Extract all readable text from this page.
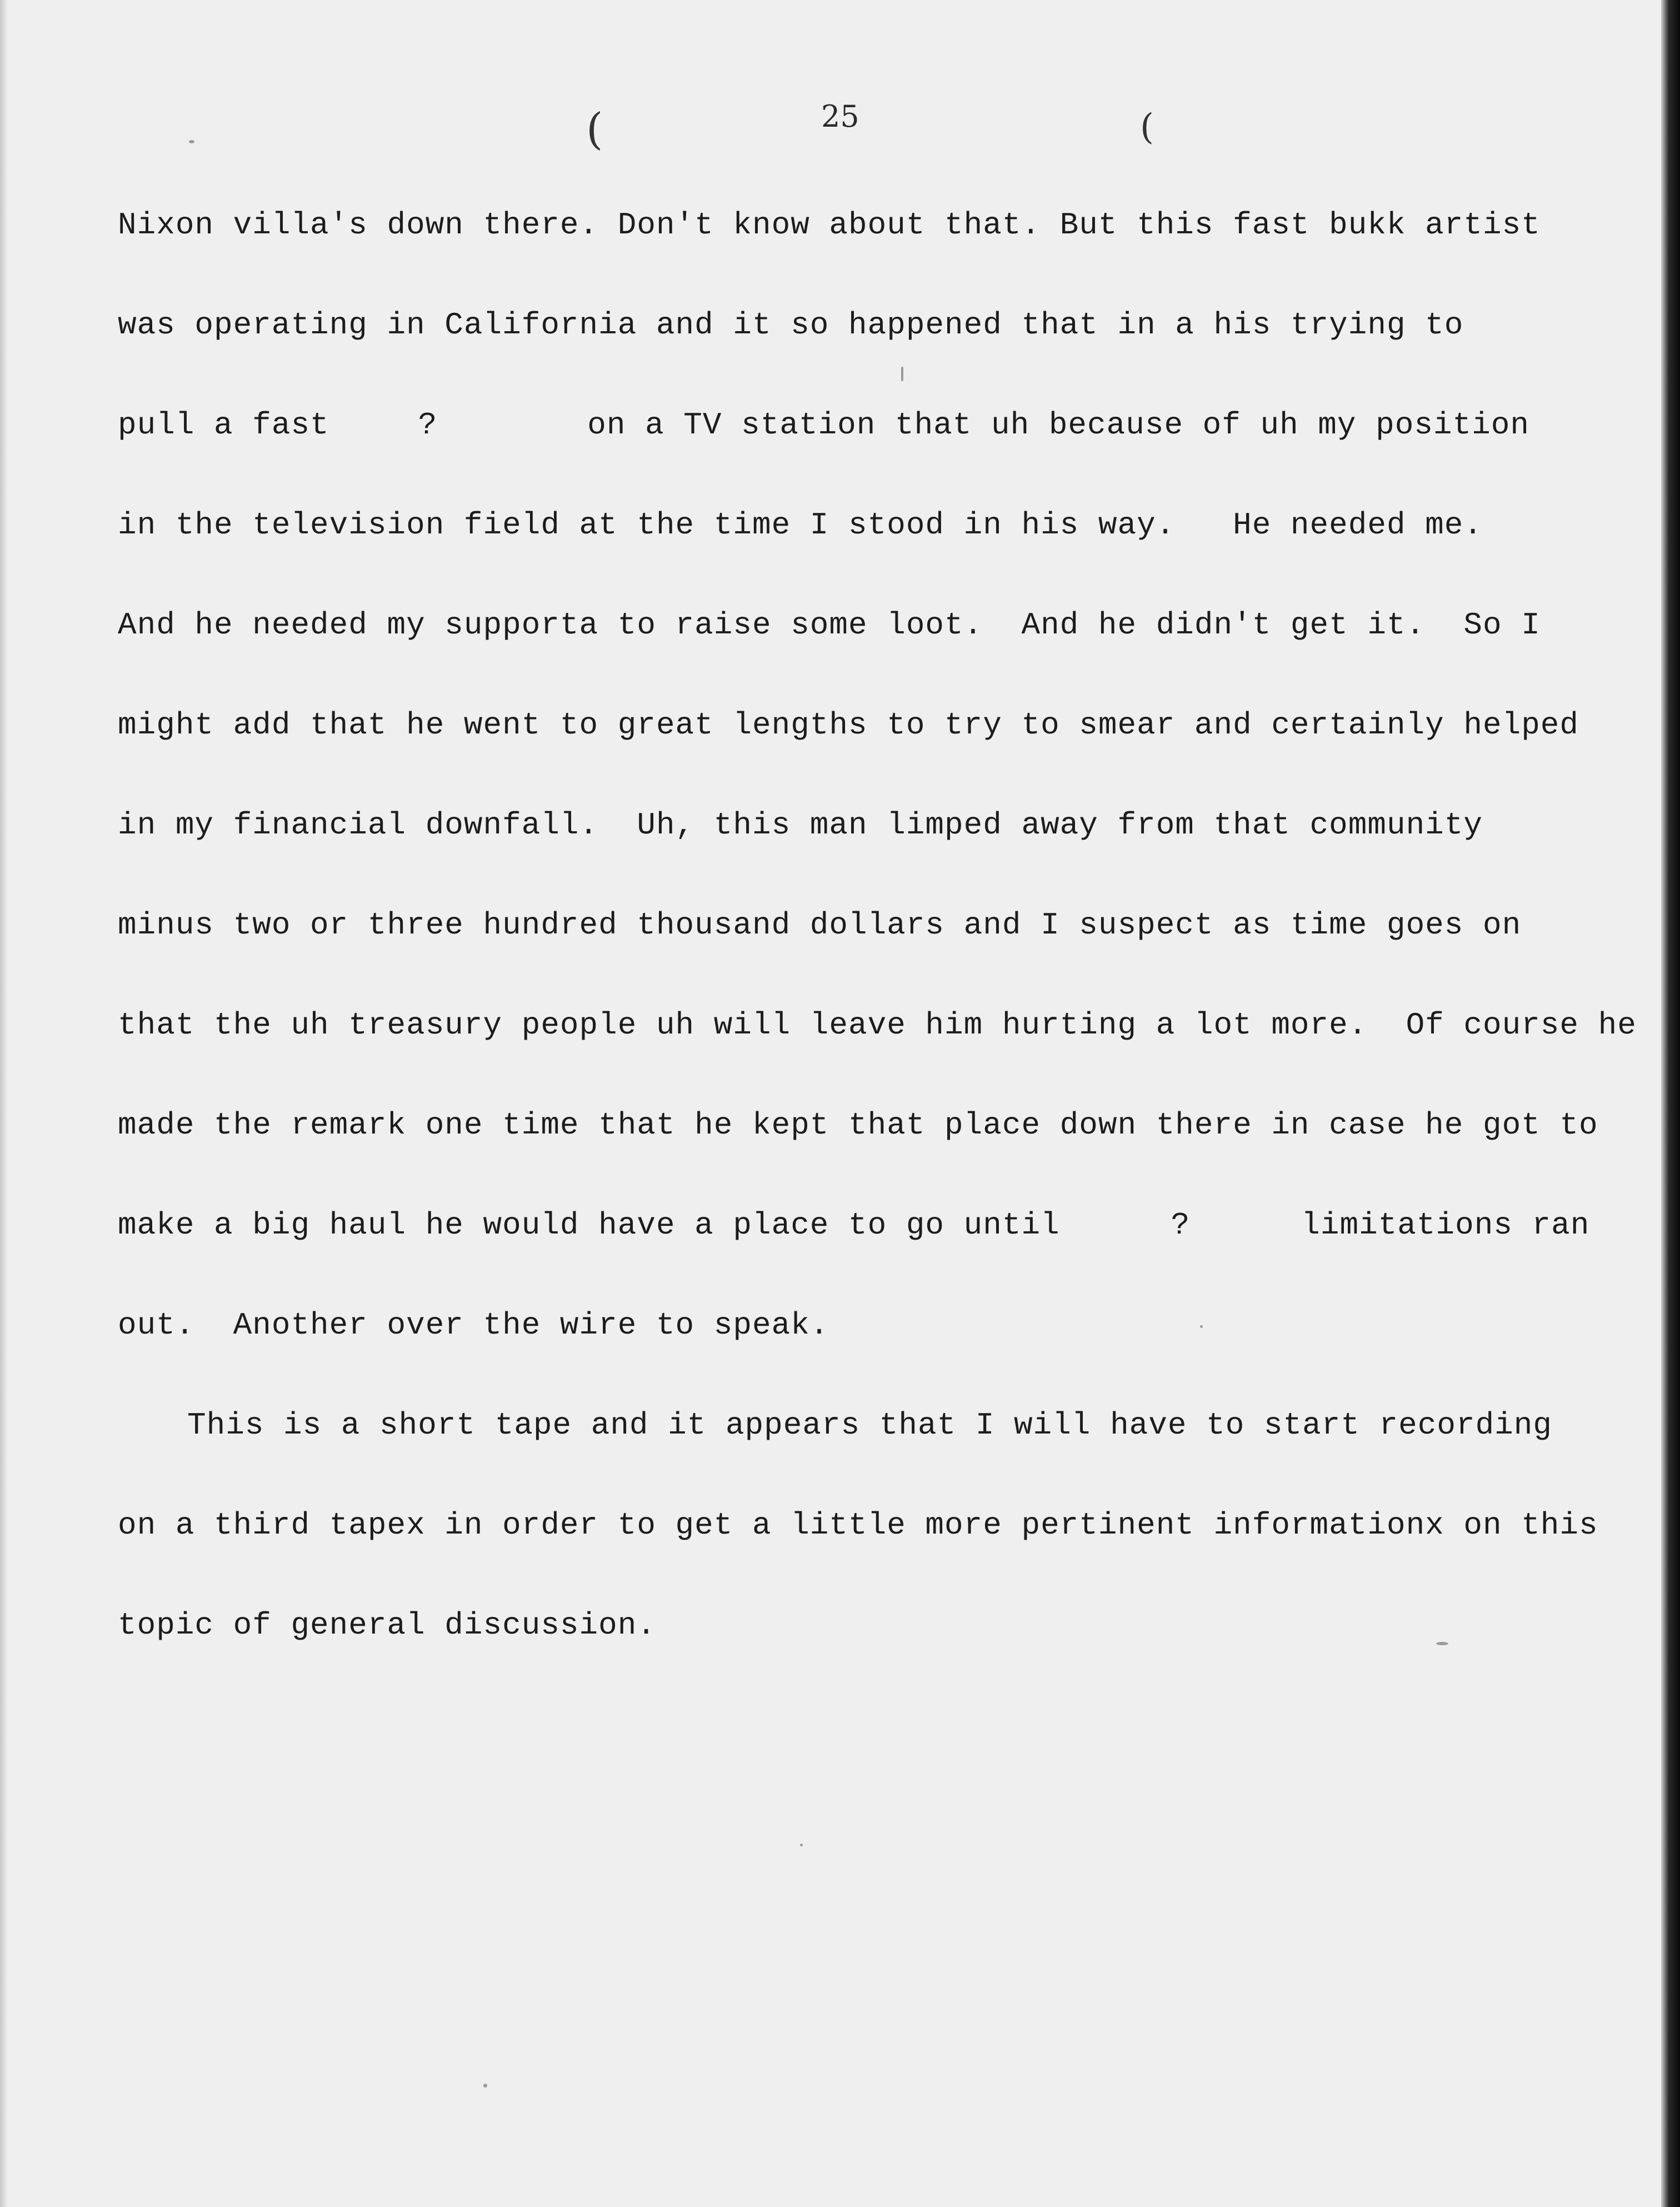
(	25	(
Nixon villa's down there. Don't know about that. But this fast bukk artist
was operating in California and it so happened that in a his trying to
pull a fast	?	on a TV station that uh because of uh my position
in the television field at the time I stood in his way.   He needed me.
And he needed my supporta to raise some loot.  And he didn't get it.  So I
might add that he went to great lengths to try to smear and certainly helped
in my financial downfall.  Uh, this man limped away from that community
minus two or three hundred thousand dollars and I suspect as time goes on
that the uh treasury people uh will leave him hurting a lot more.  Of course he
made the remark one time that he kept that place down there in case he got to
make a big haul he would have a place to go until	?	limitations ran
out.  Another over the wire to speak.
This is a short tape and it appears that I will have to start recording
on a third tapex in order to get a little more pertinent informationx on this
topic of general discussion.
